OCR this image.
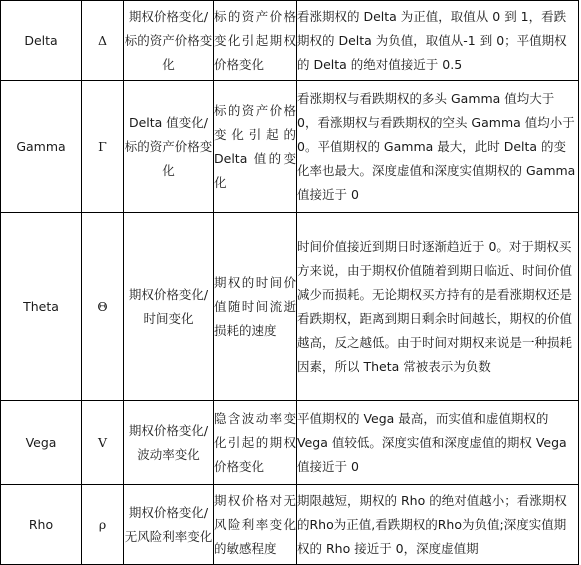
Delta	Δ	期权价格变化/标的资产价格变化	标的资产价格变化引起期权价格变化	看涨期权的 Delta 为正值，取值从 0 到 1，看跌期权的 Delta 为负值，取值从-1 到 0；平值期权的 Delta 的绝对值接近于 0.5
Gamma	Γ	Delta 值变化/标的资产价格变化	标的资产价格变化引起的 Delta 值的变化	看涨期权与看跌期权的多头 Gamma 值均大于 0，看涨期权与看跌期权的空头 Gamma 值均小于 0。平值期权的 Gamma 最大，此时 Delta 的变化率也最大。深度虚值和深度实值期权的 Gamma 值接近于 0
Theta	Θ	期权价格变化/时间变化	期权的时间价值随时间流逝损耗的速度	时间价值接近到期日时逐渐趋近于 0。对于期权买方来说，由于期权价值随着到期日临近、时间价值减少而损耗。无论期权买方持有的是看涨期权还是看跌期权，距离到期日剩余时间越长，期权的价值越高，反之越低。由于时间对期权来说是一种损耗因素，所以 Theta 常被表示为负数
Vega	V	期权价格变化/波动率变化	隐含波动率变化引起的期权价格变化	平值期权的 Vega 最高，而实值和虚值期权的 Vega 值较低。深度实值和深度虚值的期权 Vega 值接近于 0
Rho	ρ	期权价格变化/无风险利率变化	期权价格对无风险利率变化的敏感程度	期限越短，期权的 Rho 的绝对值越小；看涨期权的Rho为正值,看跌期权的Rho为负值;深度实值期权的 Rho 接近于 0，深度虚值期
